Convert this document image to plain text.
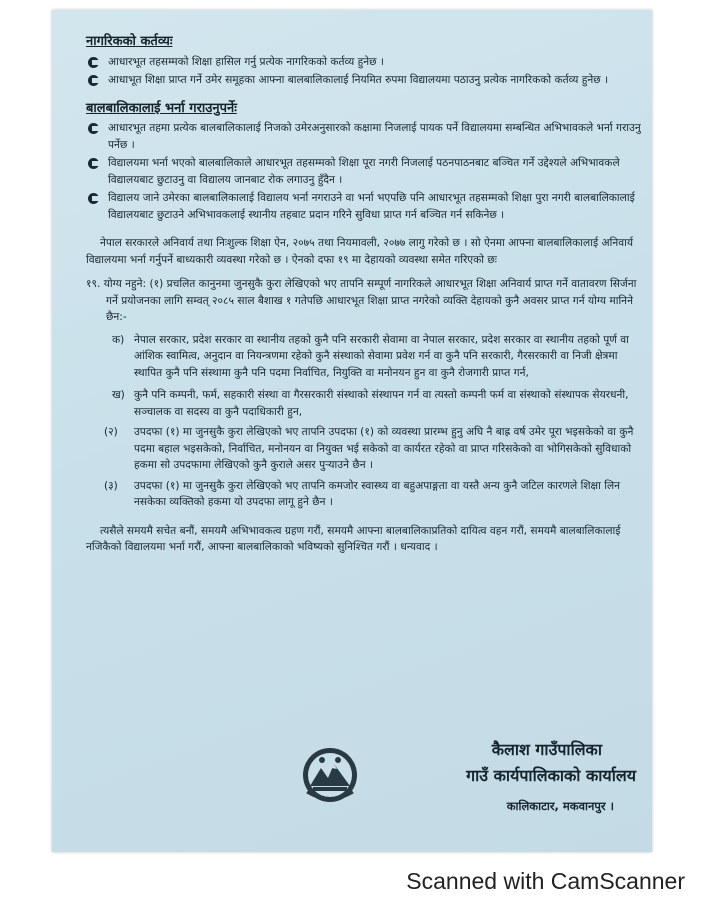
नागरिकको कर्तव्यः
आधारभूत तहसम्मको शिक्षा हासिल गर्नु प्रत्येक नागरिकको कर्तव्य हुनेछ ।
आधाभूत शिक्षा प्राप्त गर्ने उमेर समूहका आफ्ना बालबालिकालाई नियमित रुपमा विद्यालयमा पठाउनु प्रत्येक नागरिकको कर्तव्य हुनेछ ।
बालबालिकालाई भर्ना गराउनुपर्नेः
आधारभूत तहमा प्रत्येक बालबालिकालाई निजको उमेरअनुसारको कक्षामा निजलाई पायक पर्ने विद्यालयमा सम्बन्धित अभिभावकले भर्ना गराउनु पर्नेछ ।
विद्यालयमा भर्ना भएको बालबालिकाले आधारभूत तहसम्मको शिक्षा पूरा नगरी निजलाई पठनपाठनबाट बञ्चित गर्ने उद्देश्यले अभिभावकले विद्यालयबाट छुटाउनु वा विद्यालय जानबाट रोक लगाउनु हुँदैन ।
विद्यालय जाने उमेरका बालबालिकालाई विद्यालय भर्ना नगराउने वा भर्ना भएपछि पनि आधारभूत तहसम्मको शिक्षा पुरा नगरी बालबालिकालाई विद्यालयबाट छुटाउने अभिभावकलाई स्थानीय तहबाट प्रदान गरिने सुविधा प्राप्त गर्न बञ्चित गर्न सकिनेछ ।
नेपाल सरकारले अनिवार्य तथा निःशुल्क शिक्षा ऐन, २०७५ तथा नियमावली, २०७७ लागु गरेको छ । सो ऐनमा आफ्ना बालबालिकालाई अनिवार्य विद्यालयमा भर्ना गर्नुपर्ने बाध्यकारी व्यवस्था गरेको छ । ऐनको दफा १९ मा देहायको व्यवस्था समेत गरिएको छः
१९. योग्य नहुने: (१) प्रचलित कानुनमा जुनसुकै कुरा लेखिएको भए तापनि सम्पूर्ण नागरिकले आधारभूत शिक्षा अनिवार्य प्राप्त गर्ने वातावरण सिर्जना गर्ने प्रयोजनका लागि सम्वत् २०८५ साल बैशाख १ गतेपछि आधारभूत शिक्षा प्राप्त नगरेको व्यक्ति देहायको कुनै अवसर प्राप्त गर्न योग्य मानिने छैन:-
क) नेपाल सरकार, प्रदेश सरकार वा स्थानीय तहको कुनै पनि सरकारी सेवामा वा नेपाल सरकार, प्रदेश सरकार वा स्थानीय तहको पूर्ण वा आंशिक स्वामित्व, अनुदान वा नियन्त्रणमा रहेको कुनै संस्थाको सेवामा प्रवेश गर्न वा कुनै पनि सरकारी, गैरसरकारी वा निजी क्षेत्रमा स्थापित कुनै पनि संस्थामा कुनै पनि पदमा निर्वाचित, नियुक्ति वा मनोनयन हुन वा कुनै रोजगारी प्राप्त गर्न,
ख) कुनै पनि कम्पनी, फर्म, सहकारी संस्था वा गैरसरकारी संस्थाको संस्थापन गर्न वा त्यस्तो कम्पनी फर्म वा संस्थाको संस्थापक सेयरधनी, सञ्चालक वा सदस्य वा कुनै पदाधिकारी हुन,
(२) उपदफा (१) मा जुनसुकै कुरा लेखिएको भए तापनि उपदफा (१) को व्यवस्था प्रारम्भ हुनु अघि नै बाह्र वर्ष उमेर पूरा भइसकेको वा कुनै पदमा बहाल भइसकेको, निर्वाचित, मनोनयन वा नियुक्त भई सकेको वा कार्यरत रहेको वा प्राप्त गरिसकेको वा भोगिसकेको सुविधाको हकमा सो उपदफामा लेखिएको कुनै कुराले असर पुऱ्याउने छैन ।
(३) उपदफा (१) मा जुनसुकै कुरा लेखिएको भए तापनि कमजोर स्वास्थ्य वा बहुअपाङ्गता वा यस्तै अन्य कुनै जटिल कारणले शिक्षा लिन नसकेका व्यक्तिको हकमा यो उपदफा लागू हुने छैन ।
त्यसैले समयमै सचेत बनौं, समयमै अभिभावकत्व ग्रहण गरौं, समयमै आफ्ना बालबालिकाप्रतिको दायित्व वहन गरौं, समयमै बालबालिकालाई नजिकैको विद्यालयमा भर्ना गरौं, आफ्ना बालबालिकाको भविष्यको सुनिश्चित गरौं । धन्यवाद ।
कैलाश गाउँपालिका
गाउँ कार्यपालिकाको कार्यालय
कालिकाटार, मकवानपुर ।
Scanned with CamScanner
